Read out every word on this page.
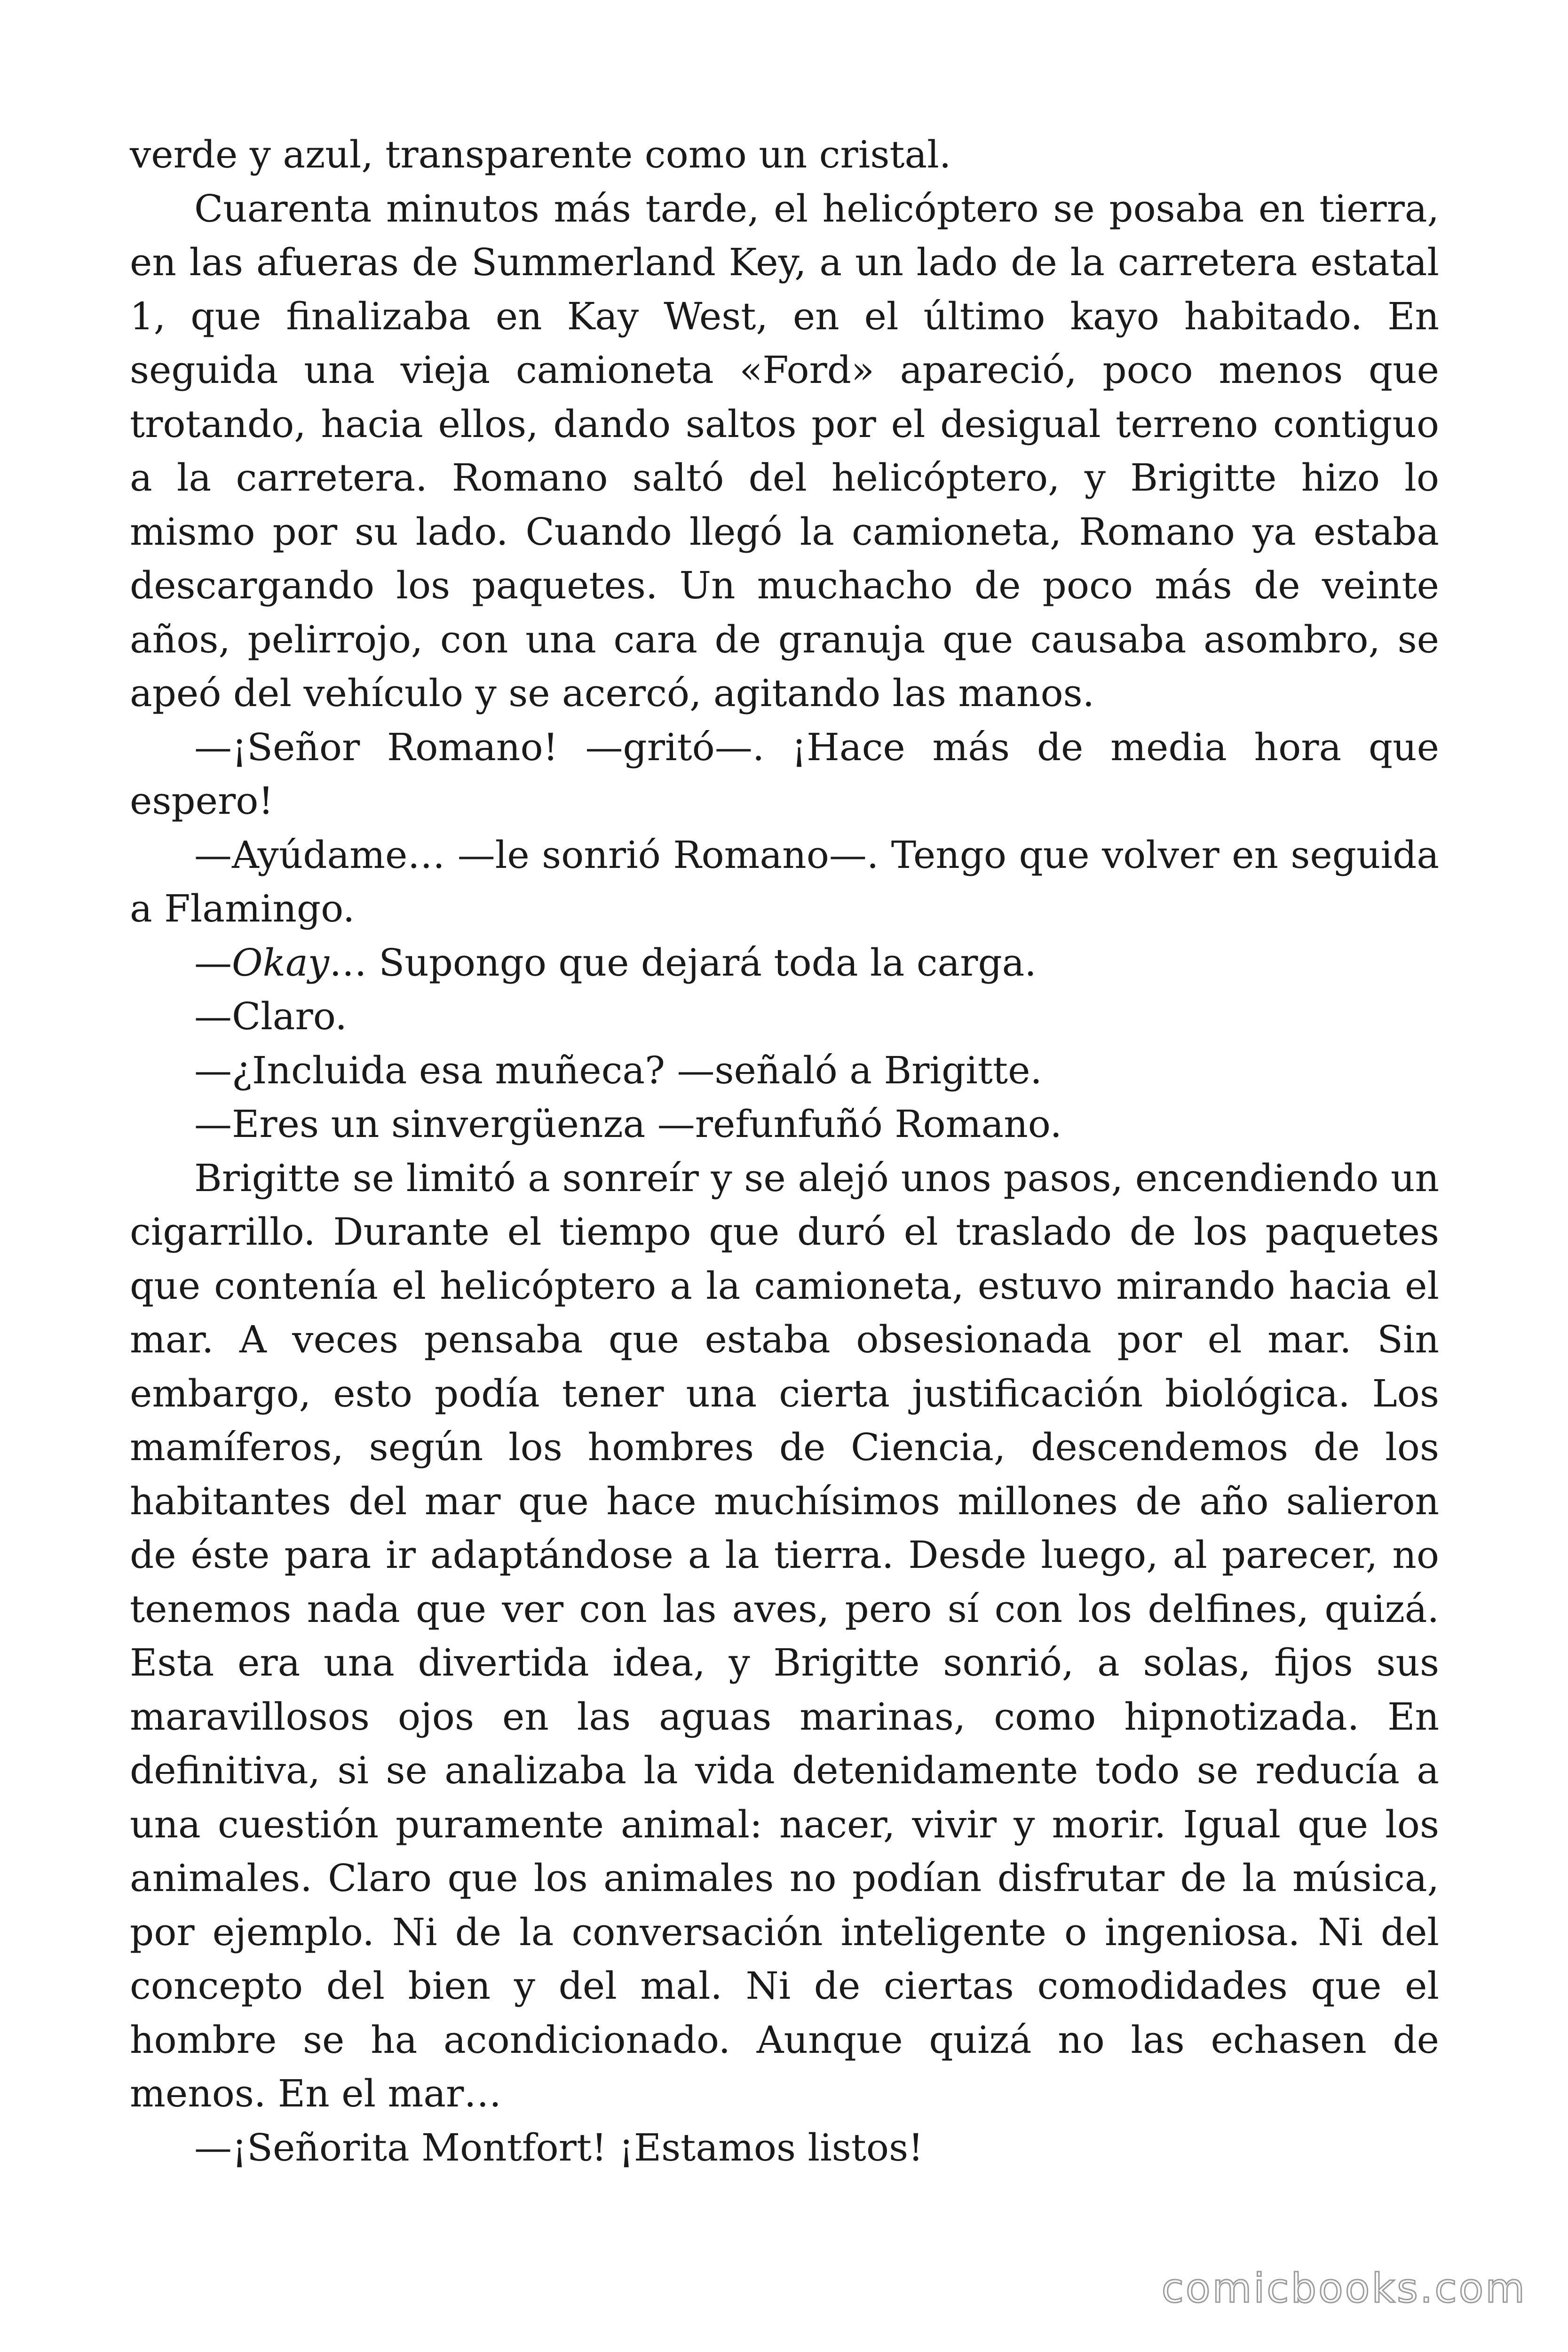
verde y azul, transparente como un cristal.

Cuarenta minutos más tarde, el helicóptero se posaba en tierra, en las afueras de Summerland Key, a un lado de la carretera estatal 1, que finalizaba en Kay West, en el último kayo habitado. En seguida una vieja camioneta «Ford» apareció, poco menos que trotando, hacia ellos, dando saltos por el desigual terreno contiguo a la carretera. Romano saltó del helicóptero, y Brigitte hizo lo mismo por su lado. Cuando llegó la camioneta, Romano ya estaba descargando los paquetes. Un muchacho de poco más de veinte años, pelirrojo, con una cara de granuja que causaba asombro, se apeó del vehículo y se acercó, agitando las manos.

—¡Señor Romano! —gritó—. ¡Hace más de media hora que espero!

—Ayúdame… —le sonrió Romano—. Tengo que volver en seguida a Flamingo.

—Okay… Supongo que dejará toda la carga.

—Claro.

—¿Incluida esa muñeca? —señaló a Brigitte.

—Eres un sinvergüenza —refunfuñó Romano.

Brigitte se limitó a sonreír y se alejó unos pasos, encendiendo un cigarrillo. Durante el tiempo que duró el traslado de los paquetes que contenía el helicóptero a la camioneta, estuvo mirando hacia el mar. A veces pensaba que estaba obsesionada por el mar. Sin embargo, esto podía tener una cierta justificación biológica. Los mamíferos, según los hombres de Ciencia, descendemos de los habitantes del mar que hace muchísimos millones de año salieron de éste para ir adaptándose a la tierra. Desde luego, al parecer, no tenemos nada que ver con las aves, pero sí con los delfines, quizá. Esta era una divertida idea, y Brigitte sonrió, a solas, fijos sus maravillosos ojos en las aguas marinas, como hipnotizada. En definitiva, si se analizaba la vida detenidamente todo se reducía a una cuestión puramente animal: nacer, vivir y morir. Igual que los animales. Claro que los animales no podían disfrutar de la música, por ejemplo. Ni de la conversación inteligente o ingeniosa. Ni del concepto del bien y del mal. Ni de ciertas comodidades que el hombre se ha acondicionado. Aunque quizá no las echasen de menos. En el mar…

—¡Señorita Montfort! ¡Estamos listos!

comicbooks.com
